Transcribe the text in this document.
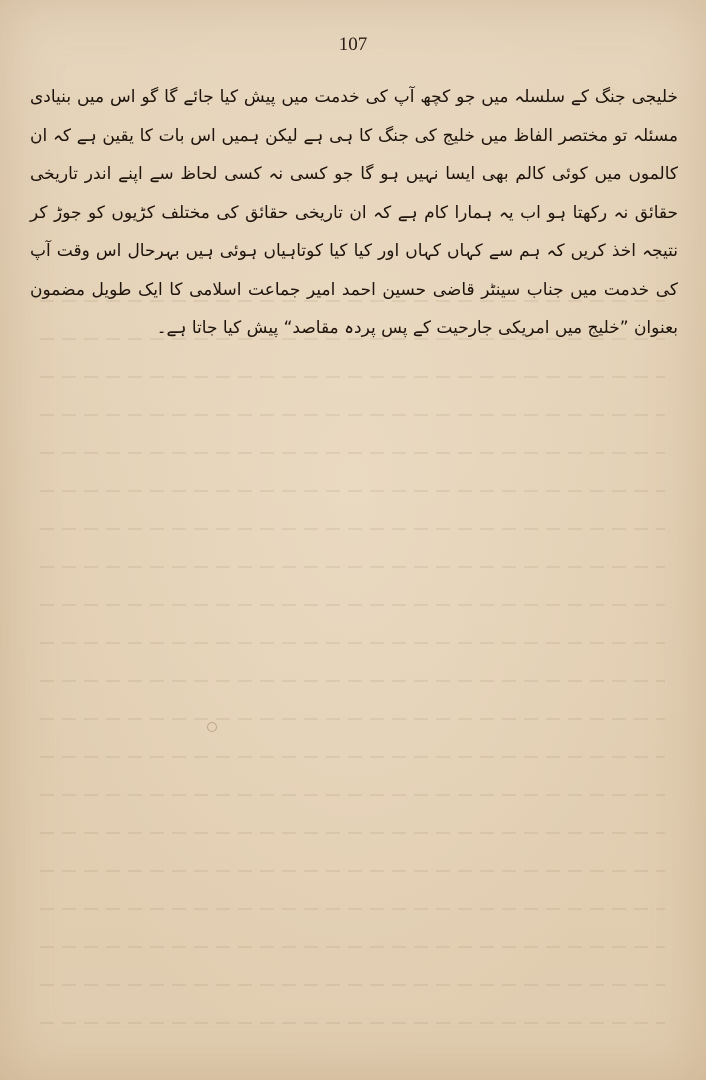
107

خلیجی جنگ کے سلسلہ میں جو کچھ آپ کی خدمت میں پیش کیا جائے گا گو اس میں بنیادی مسئلہ تو مختصر الفاظ میں خلیج کی جنگ کا ہی ہے لیکن ہمیں اس بات کا یقین ہے کہ ان کالموں میں کوئی کالم بھی ایسا نہیں ہو گا جو کسی نہ کسی لحاظ سے اپنے اندر تاریخی حقائق نہ رکھتا ہو اب یہ ہمارا کام ہے کہ ان تاریخی حقائق کی مختلف کڑیوں کو جوڑ کر نتیجہ اخذ کریں کہ ہم سے کہاں کہاں اور کیا کیا کوتاہیاں ہوئی ہیں بہرحال اس وقت آپ کی خدمت میں جناب سینٹر قاضی حسین احمد امیر جماعت اسلامی کا ایک طویل مضمون بعنوان ”خلیج میں امریکی جارحیت کے پس پردہ مقاصد“ پیش کیا جاتا ہے۔
